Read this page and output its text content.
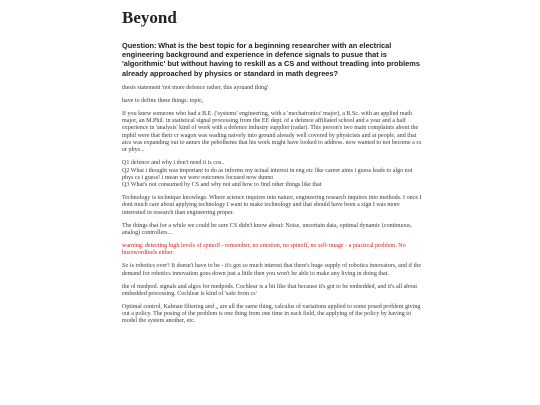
Beyond
Question: What is the best topic for a beginning researcher with an electrical engineering background and experience in defence signals to pusue that is 'algorithmic' but without having to reskill as a CS and without treading into problems already approached by physics or standard in math degrees?
thesis statement 'not more defence rather, this ayruand thing'
have to define these things: topic,
If you knew someone who had a B.E. ('systems' engineering, with a 'mechatronics' major), a B.Sc. with an applied math major, an M.Phil. in statistical signal processing from the EE dept. of a defence affiliated school and a year and a half experience in 'analysis' kind of work with a defence industry supplier (radar). This person's two main complaints about the mphil were that their cr wagon was wading naively into ground already well covered by physicists and ai people, and that aics was expanding out to annex the pebolhems that his work might have looked to address. now wanted to not become a cs or phys ..
Q1 defence and why i don't need it is cos..
Q2 What i thought was important to do as informs my actual interest in eng etc like career aims i guess leads to algo not phys cs i guess! i mean we were outcomes focused now dunno
Q3 What's not consumed by CS and why not and how to find other things like that
Technology is technique knowlege. Where science inquires into nature, engineering research inquires into methods. I once I dont much care about applying technology I want to make technology and that should have been a sign I was more interested in research than engineering proper.
The things that for a while we could be sure CS didn't know about: Noise, uncertain data, optimal dynamic (continuous, analog) controllers...
warning: detecting high levels of spinoff - remember, no emotion, no spinoff, no self-image - a practical problem. No buzzwordfeels either.
So is robotics over? It doesn't have to be - it's got so much interest that there's huge supply of robotics innovators, and if the demand for robotics innovation goes down just a little then you won't be able to make any living in doing that.
the ol medpod. signals and algos for medpods. Cochlear is a bit like that because it's got to be embedded, and it's all about embedded processing. Cochlear is kind of 'safe from cs'
Optimal control, Kalman filtering and ,, are all the same thing, calculus of variations applied to some posed problem giving out a policy. The posing of the problem is one thing from one time in each field, the applying of the policy by having to model the system another, etc.
